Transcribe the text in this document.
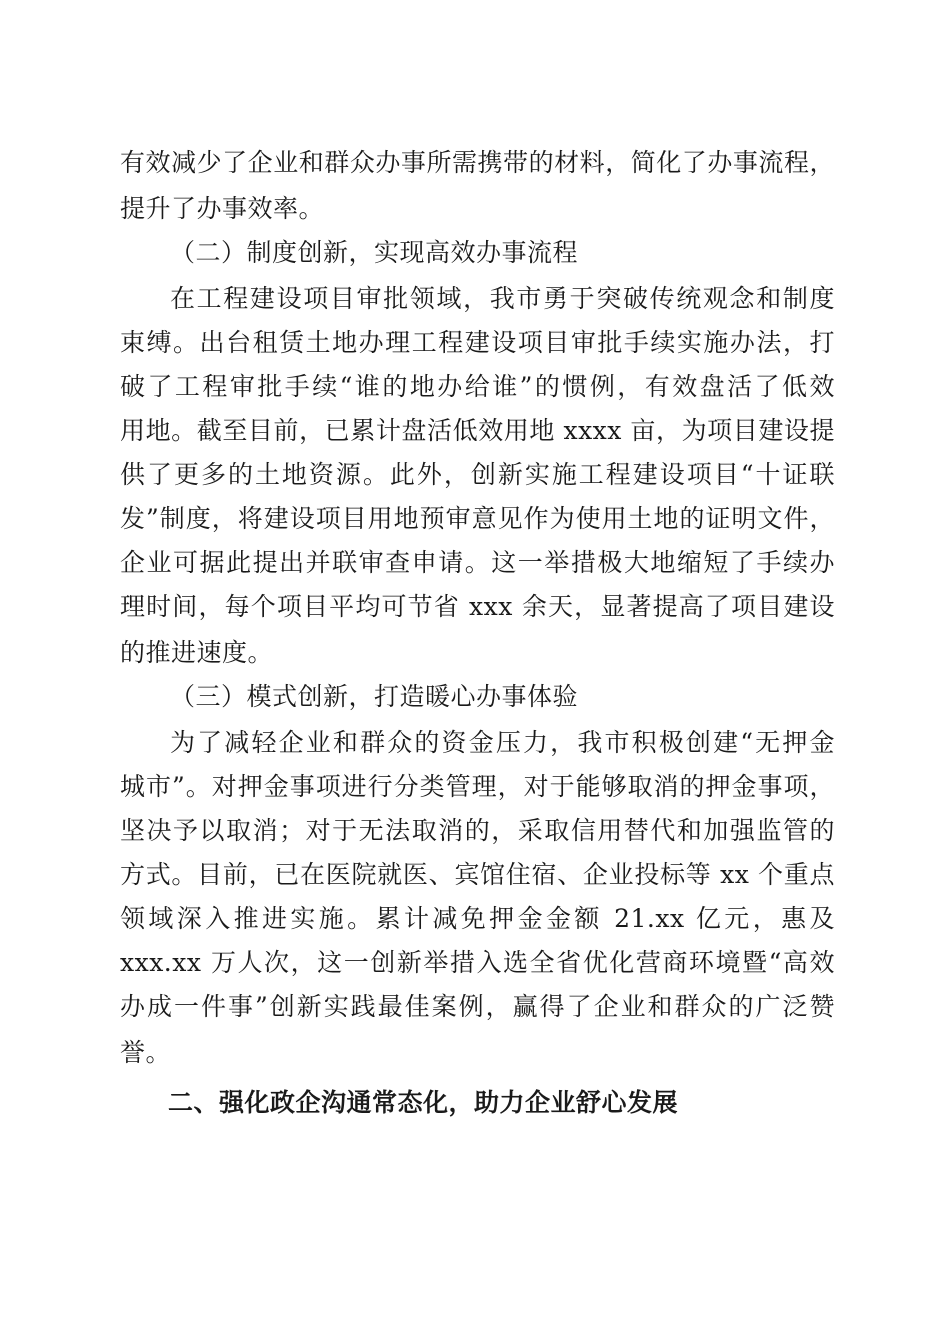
有效减少了企业和群众办事所需携带的材料，简化了办事流程，
提升了办事效率。
（二）制度创新，实现高效办事流程
在工程建设项目审批领域，我市勇于突破传统观念和制度
束缚。出台租赁土地办理工程建设项目审批手续实施办法，打
破了工程审批手续“谁的地办给谁”的惯例，有效盘活了低效
用地。截至目前，已累计盘活低效用地 xxxx 亩，为项目建设提
供了更多的土地资源。此外，创新实施工程建设项目“十证联
发”制度，将建设项目用地预审意见作为使用土地的证明文件，
企业可据此提出并联审查申请。这一举措极大地缩短了手续办
理时间，每个项目平均可节省 xxx 余天，显著提高了项目建设
的推进速度。
（三）模式创新，打造暖心办事体验
为了减轻企业和群众的资金压力，我市积极创建“无押金
城市”。对押金事项进行分类管理，对于能够取消的押金事项，
坚决予以取消；对于无法取消的，采取信用替代和加强监管的
方式。目前，已在医院就医、宾馆住宿、企业投标等 xx 个重点
领域深入推进实施。累计减免押金金额 21.xx 亿元，惠及
xxx.xx 万人次，这一创新举措入选全省优化营商环境暨“高效
办成一件事”创新实践最佳案例，赢得了企业和群众的广泛赞
誉。
二、强化政企沟通常态化，助力企业舒心发展
